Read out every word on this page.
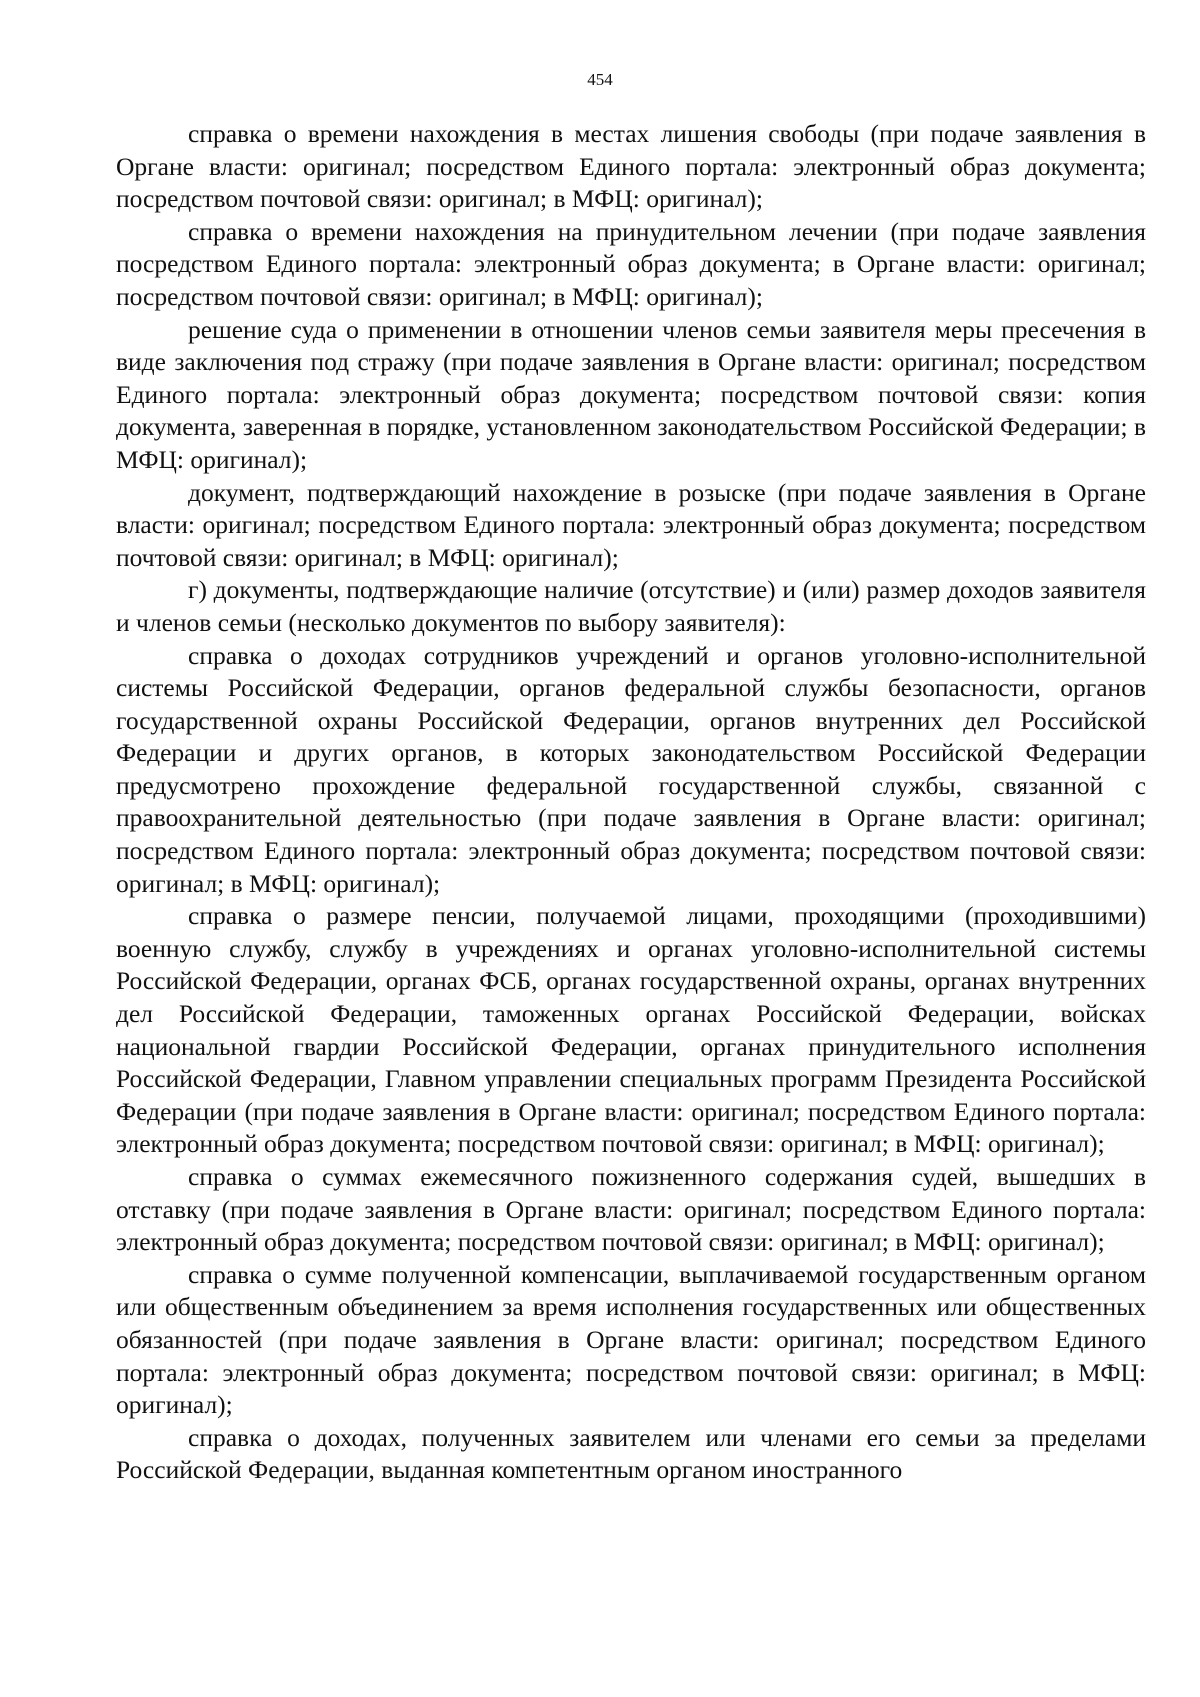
454

справка о времени нахождения в местах лишения свободы (при подаче заявления в Органе власти: оригинал; посредством Единого портала: электронный образ документа; посредством почтовой связи: оригинал; в МФЦ: оригинал);

справка о времени нахождения на принудительном лечении (при подаче заявления посредством Единого портала: электронный образ документа; в Органе власти: оригинал; посредством почтовой связи: оригинал; в МФЦ: оригинал);

решение суда о применении в отношении членов семьи заявителя меры пресечения в виде заключения под стражу (при подаче заявления в Органе власти: оригинал; посредством Единого портала: электронный образ документа; посредством почтовой связи: копия документа, заверенная в порядке, установленном законодательством Российской Федерации; в МФЦ: оригинал);

документ, подтверждающий нахождение в розыске (при подаче заявления в Органе власти: оригинал; посредством Единого портала: электронный образ документа; посредством почтовой связи: оригинал; в МФЦ: оригинал);

г) документы, подтверждающие наличие (отсутствие) и (или) размер доходов заявителя и членов семьи (несколько документов по выбору заявителя):

справка о доходах сотрудников учреждений и органов уголовно-исполнительной системы Российской Федерации, органов федеральной службы безопасности, органов государственной охраны Российской Федерации, органов внутренних дел Российской Федерации и других органов, в которых законодательством Российской Федерации предусмотрено прохождение федеральной государственной службы, связанной с правоохранительной деятельностью (при подаче заявления в Органе власти: оригинал; посредством Единого портала: электронный образ документа; посредством почтовой связи: оригинал; в МФЦ: оригинал);

справка о размере пенсии, получаемой лицами, проходящими (проходившими) военную службу, службу в учреждениях и органах уголовно-исполнительной системы Российской Федерации, органах ФСБ, органах государственной охраны, органах внутренних дел Российской Федерации, таможенных органах Российской Федерации, войсках национальной гвардии Российской Федерации, органах принудительного исполнения Российской Федерации, Главном управлении специальных программ Президента Российской Федерации (при подаче заявления в Органе власти: оригинал; посредством Единого портала: электронный образ документа; посредством почтовой связи: оригинал; в МФЦ: оригинал);

справка о суммах ежемесячного пожизненного содержания судей, вышедших в отставку (при подаче заявления в Органе власти: оригинал; посредством Единого портала: электронный образ документа; посредством почтовой связи: оригинал; в МФЦ: оригинал);

справка о сумме полученной компенсации, выплачиваемой государственным органом или общественным объединением за время исполнения государственных или общественных обязанностей (при подаче заявления в Органе власти: оригинал; посредством Единого портала: электронный образ документа; посредством почтовой связи: оригинал; в МФЦ: оригинал);

справка о доходах, полученных заявителем или членами его семьи за пределами Российской Федерации, выданная компетентным органом иностранного
